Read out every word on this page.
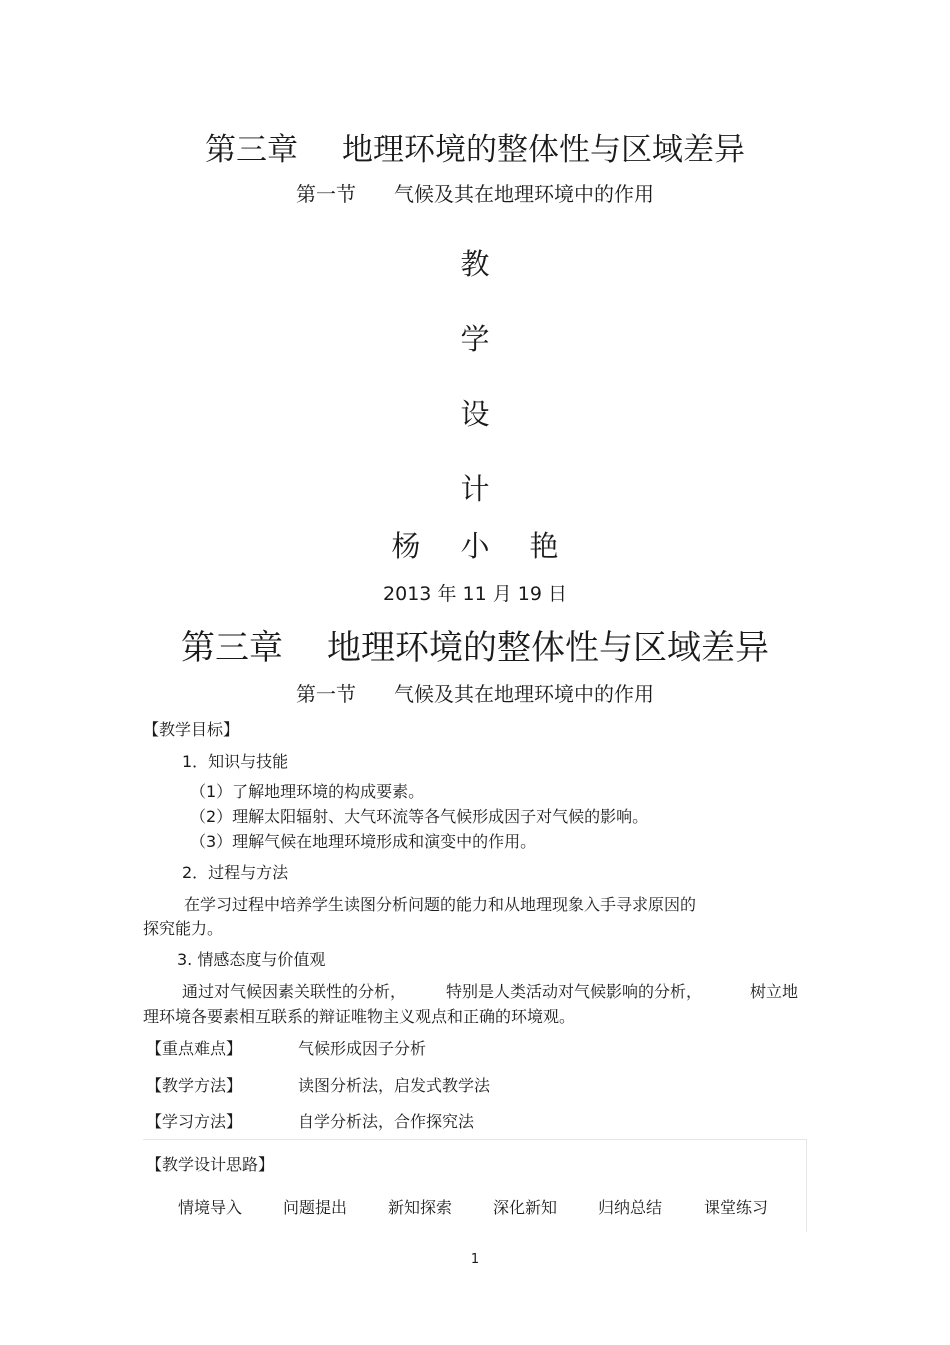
第三章 地理环境的整体性与区域差异
第一节 气候及其在地理环境中的作用
教
学
设
计
杨 小 艳
2013 年 11 月 19 日
第三章 地理环境的整体性与区域差异
第一节 气候及其在地理环境中的作用
【教学目标】
1．知识与技能
（1）了解地理环境的构成要素。
（2）理解太阳辐射、大气环流等各气候形成因子对气候的影响。
（3）理解气候在地理环境形成和演变中的作用。
2．过程与方法
在学习过程中培养学生读图分析问题的能力和从地理现象入手寻求原因的
探究能力。
3. 情感态度与价值观
通过对气候因素关联性的分析， 特别是人类活动对气候影响的分析，	树立地
理环境各要素相互联系的辩证唯物主义观点和正确的环境观。
【重点难点】	气候形成因子分析
【教学方法】	读图分析法，启发式教学法
【学习方法】	自学分析法，合作探究法
【教学设计思路】
情境导入	问题提出	新知探索	深化新知	归纳总结	课堂练习
1
